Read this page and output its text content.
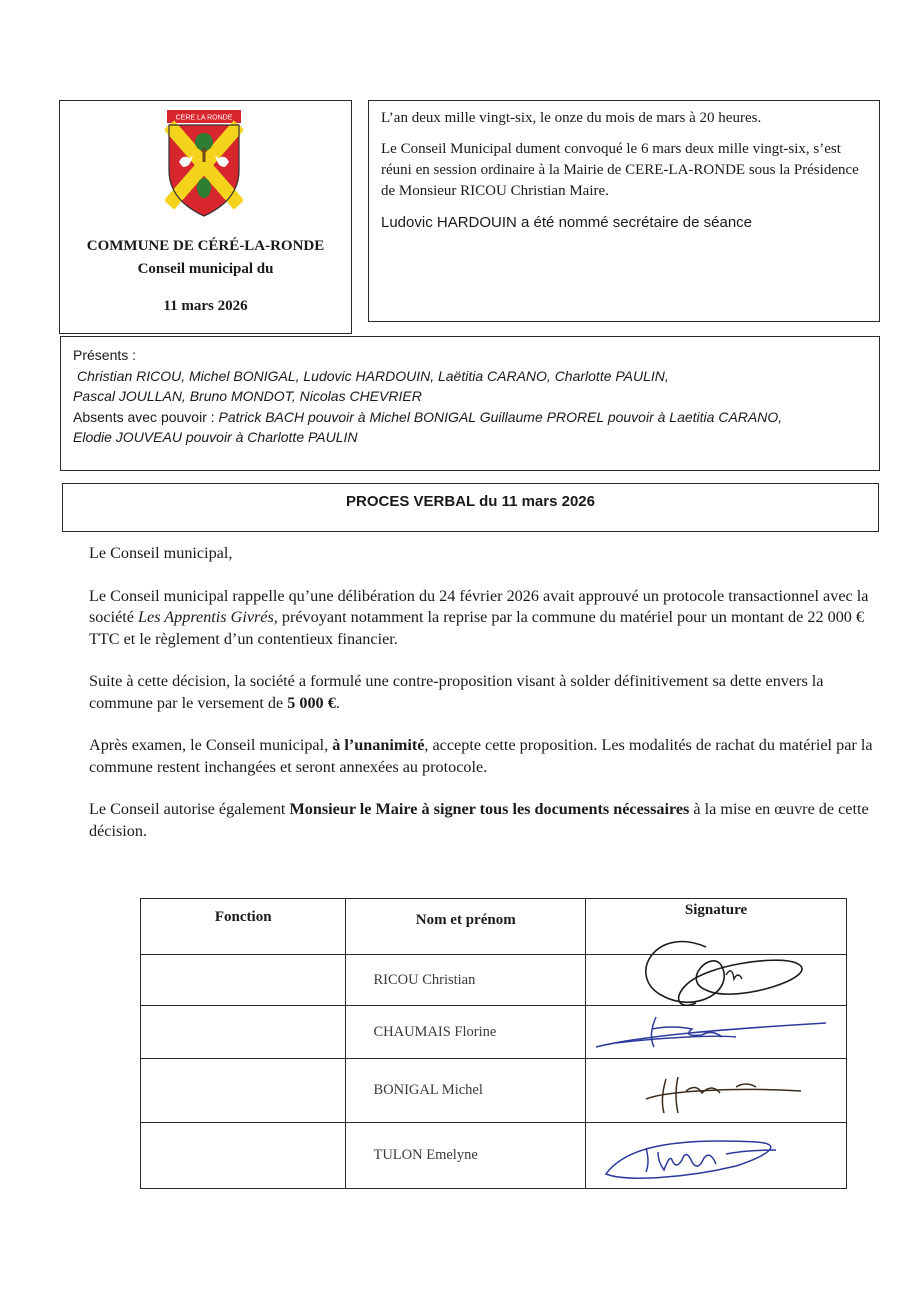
CERE LA RONDE
COMMUNE DE CÉRÉ-LA-RONDE
Conseil municipal du
11 mars 2026

L’an deux mille vingt-six, le onze du mois de mars à 20 heures.

Le Conseil Municipal dument convoqué le 6 mars deux mille vingt-six, s’est réuni en session ordinaire à la Mairie de CERE-LA-RONDE sous la Présidence de Monsieur RICOU Christian Maire.

Ludovic HARDOUIN a été nommé secrétaire de séance

Présents :
Christian RICOU, Michel BONIGAL, Ludovic HARDOUIN, Laëtitia CARANO, Charlotte PAULIN,
Pascal JOULLAN, Bruno MONDOT, Nicolas CHEVRIER
Absents avec pouvoir : Patrick BACH pouvoir à Michel BONIGAL Guillaume PROREL pouvoir à Laetitia CARANO,
Elodie JOUVEAU pouvoir à Charlotte PAULIN
PROCES VERBAL du 11 mars 2026

Le Conseil municipal,

Le Conseil municipal rappelle qu’une délibération du 24 février 2026 avait approuvé un protocole transactionnel avec la société Les Apprentis Givrés, prévoyant notamment la reprise par la commune du matériel pour un montant de 22 000 € TTC et le règlement d’un contentieux financier.

Suite à cette décision, la société a formulé une contre-proposition visant à solder définitivement sa dette envers la commune par le versement de 5 000 €.

Après examen, le Conseil municipal, à l’unanimité, accepte cette proposition. Les modalités de rachat du matériel par la commune restent inchangées et seront annexées au protocole.

Le Conseil autorise également Monsieur le Maire à signer tous les documents nécessaires à la mise en œuvre de cette décision.

Fonction	Nom et prénom	Signature
	RICOU Christian	

	CHAUMAIS Florine	

	BONIGAL Michel	

	TULON Emelyne	
